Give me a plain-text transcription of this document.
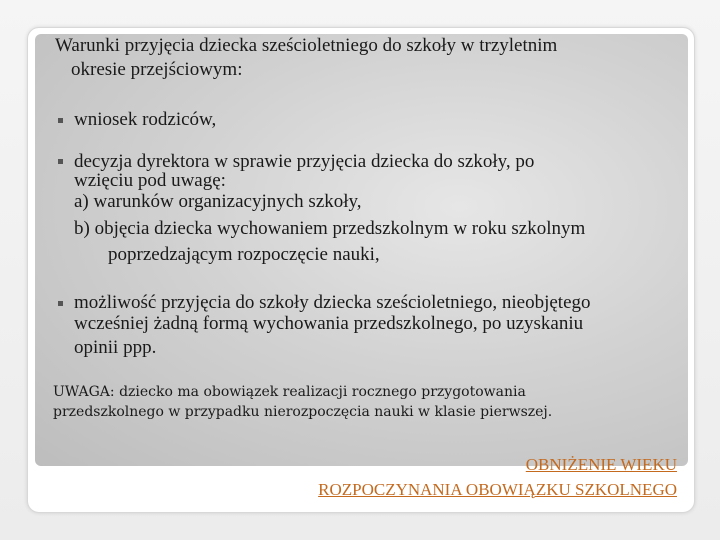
Warunki przyjęcia dziecka sześcioletniego do szkoły w trzyletnim
okresie przejściowym:

wniosek rodziców,

decyzja dyrektora w sprawie przyjęcia dziecka do szkoły, po

wzięciu pod uwagę:

a) warunków organizacyjnych szkoły,

b) objęcia dziecka wychowaniem przedszkolnym w roku szkolnym

poprzedzającym rozpoczęcie nauki,

możliwość przyjęcia do szkoły dziecka sześcioletniego, nieobjętego

wcześniej żadną formą wychowania przedszkolnego, po uzyskaniu

opinii ppp.

UWAGA: dziecko ma obowiązek realizacji rocznego przygotowania
przedszkolnego w przypadku nierozpoczęcia nauki w klasie pierwszej.

OBNIŻENIE WIEKU
ROZPOCZYNANIA OBOWIĄZKU SZKOLNEGO
